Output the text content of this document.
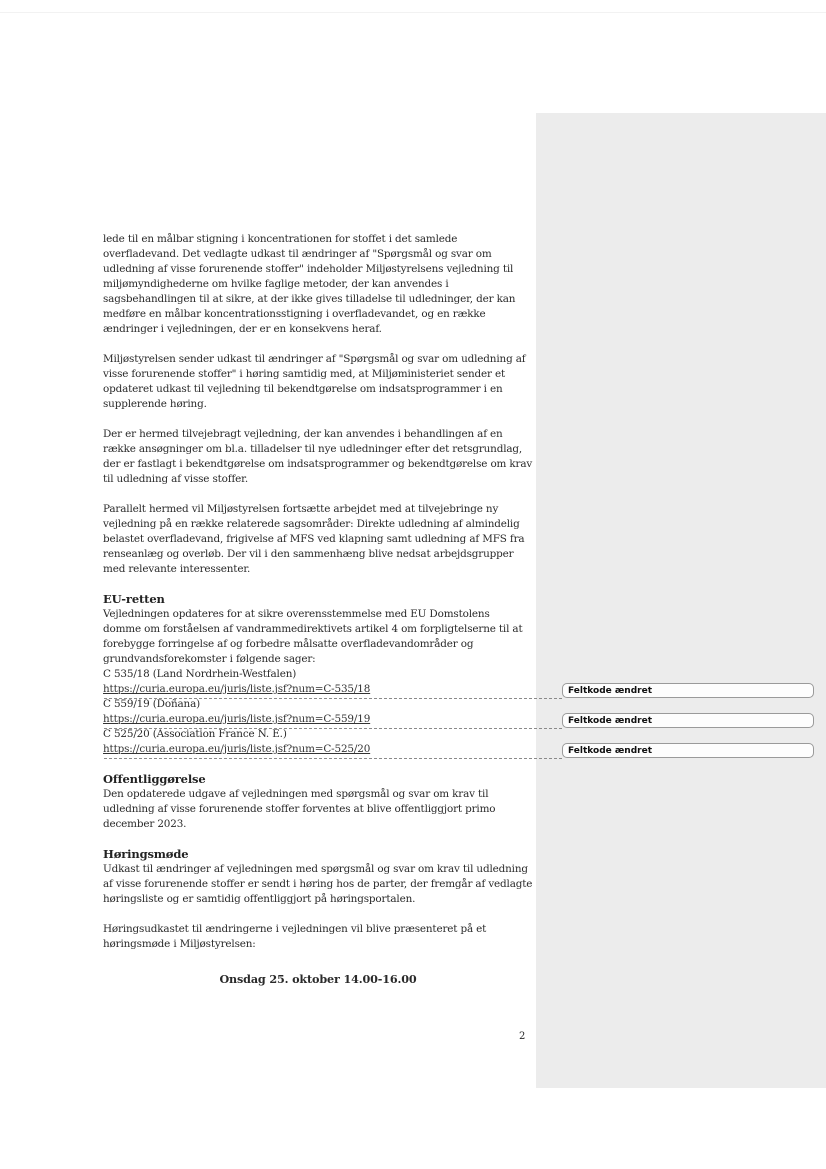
lede til en målbar stigning i koncentrationen for stoffet i det samlede
overfladevand. Det vedlagte udkast til ændringer af "Spørgsmål og svar om
udledning af visse forurenende stoffer" indeholder Miljøstyrelsens vejledning til
miljømyndighederne om hvilke faglige metoder, der kan anvendes i
sagsbehandlingen til at sikre, at der ikke gives tilladelse til udledninger, der kan
medføre en målbar koncentrationsstigning i overfladevandet, og en række
ændringer i vejledningen, der er en konsekvens heraf.

Miljøstyrelsen sender udkast til ændringer af "Spørgsmål og svar om udledning af
visse forurenende stoffer" i høring samtidig med, at Miljøministeriet sender et
opdateret udkast til vejledning til bekendtgørelse om indsatsprogrammer i en
supplerende høring.

Der er hermed tilvejebragt vejledning, der kan anvendes i behandlingen af en
række ansøgninger om bl.a. tilladelser til nye udledninger efter det retsgrundlag,
der er fastlagt i bekendtgørelse om indsatsprogrammer og bekendtgørelse om krav
til udledning af visse stoffer.

Parallelt hermed vil Miljøstyrelsen fortsætte arbejdet med at tilvejebringe ny
vejledning på en række relaterede sagsområder: Direkte udledning af almindelig
belastet overfladevand, frigivelse af MFS ved klapning samt udledning af MFS fra
renseanlæg og overløb. Der vil i den sammenhæng blive nedsat arbejdsgrupper
med relevante interessenter.

EU-retten
Vejledningen opdateres for at sikre overensstemmelse med EU Domstolens
domme om forståelsen af vandrammedirektivets artikel 4 om forpligtelserne til at
forebygge forringelse af og forbedre målsatte overfladevandområder og
grundvandsforekomster i følgende sager:
C 535/18 (Land Nordrhein-Westfalen)
https://curia.europa.eu/juris/liste.jsf?num=C-535/18
C 559/19 (Doñana)
https://curia.europa.eu/juris/liste.jsf?num=C-559/19
C 525/20 (Association France N. E.)
https://curia.europa.eu/juris/liste.jsf?num=C-525/20
Offentliggørelse
Den opdaterede udgave af vejledningen med spørgsmål og svar om krav til
udledning af visse forurenende stoffer forventes at blive offentliggjort primo
december 2023.
Høringsmøde
Udkast til ændringer af vejledningen med spørgsmål og svar om krav til udledning
af visse forurenende stoffer er sendt i høring hos de parter, der fremgår af vedlagte
høringsliste og er samtidig offentliggjort på høringsportalen.

Høringsudkastet til ændringerne i vejledningen vil blive præsenteret på et
høringsmøde i Miljøstyrelsen:

Onsdag 25. oktober 14.00-16.00
2
Feltkode ændret
Feltkode ændret
Feltkode ændret
